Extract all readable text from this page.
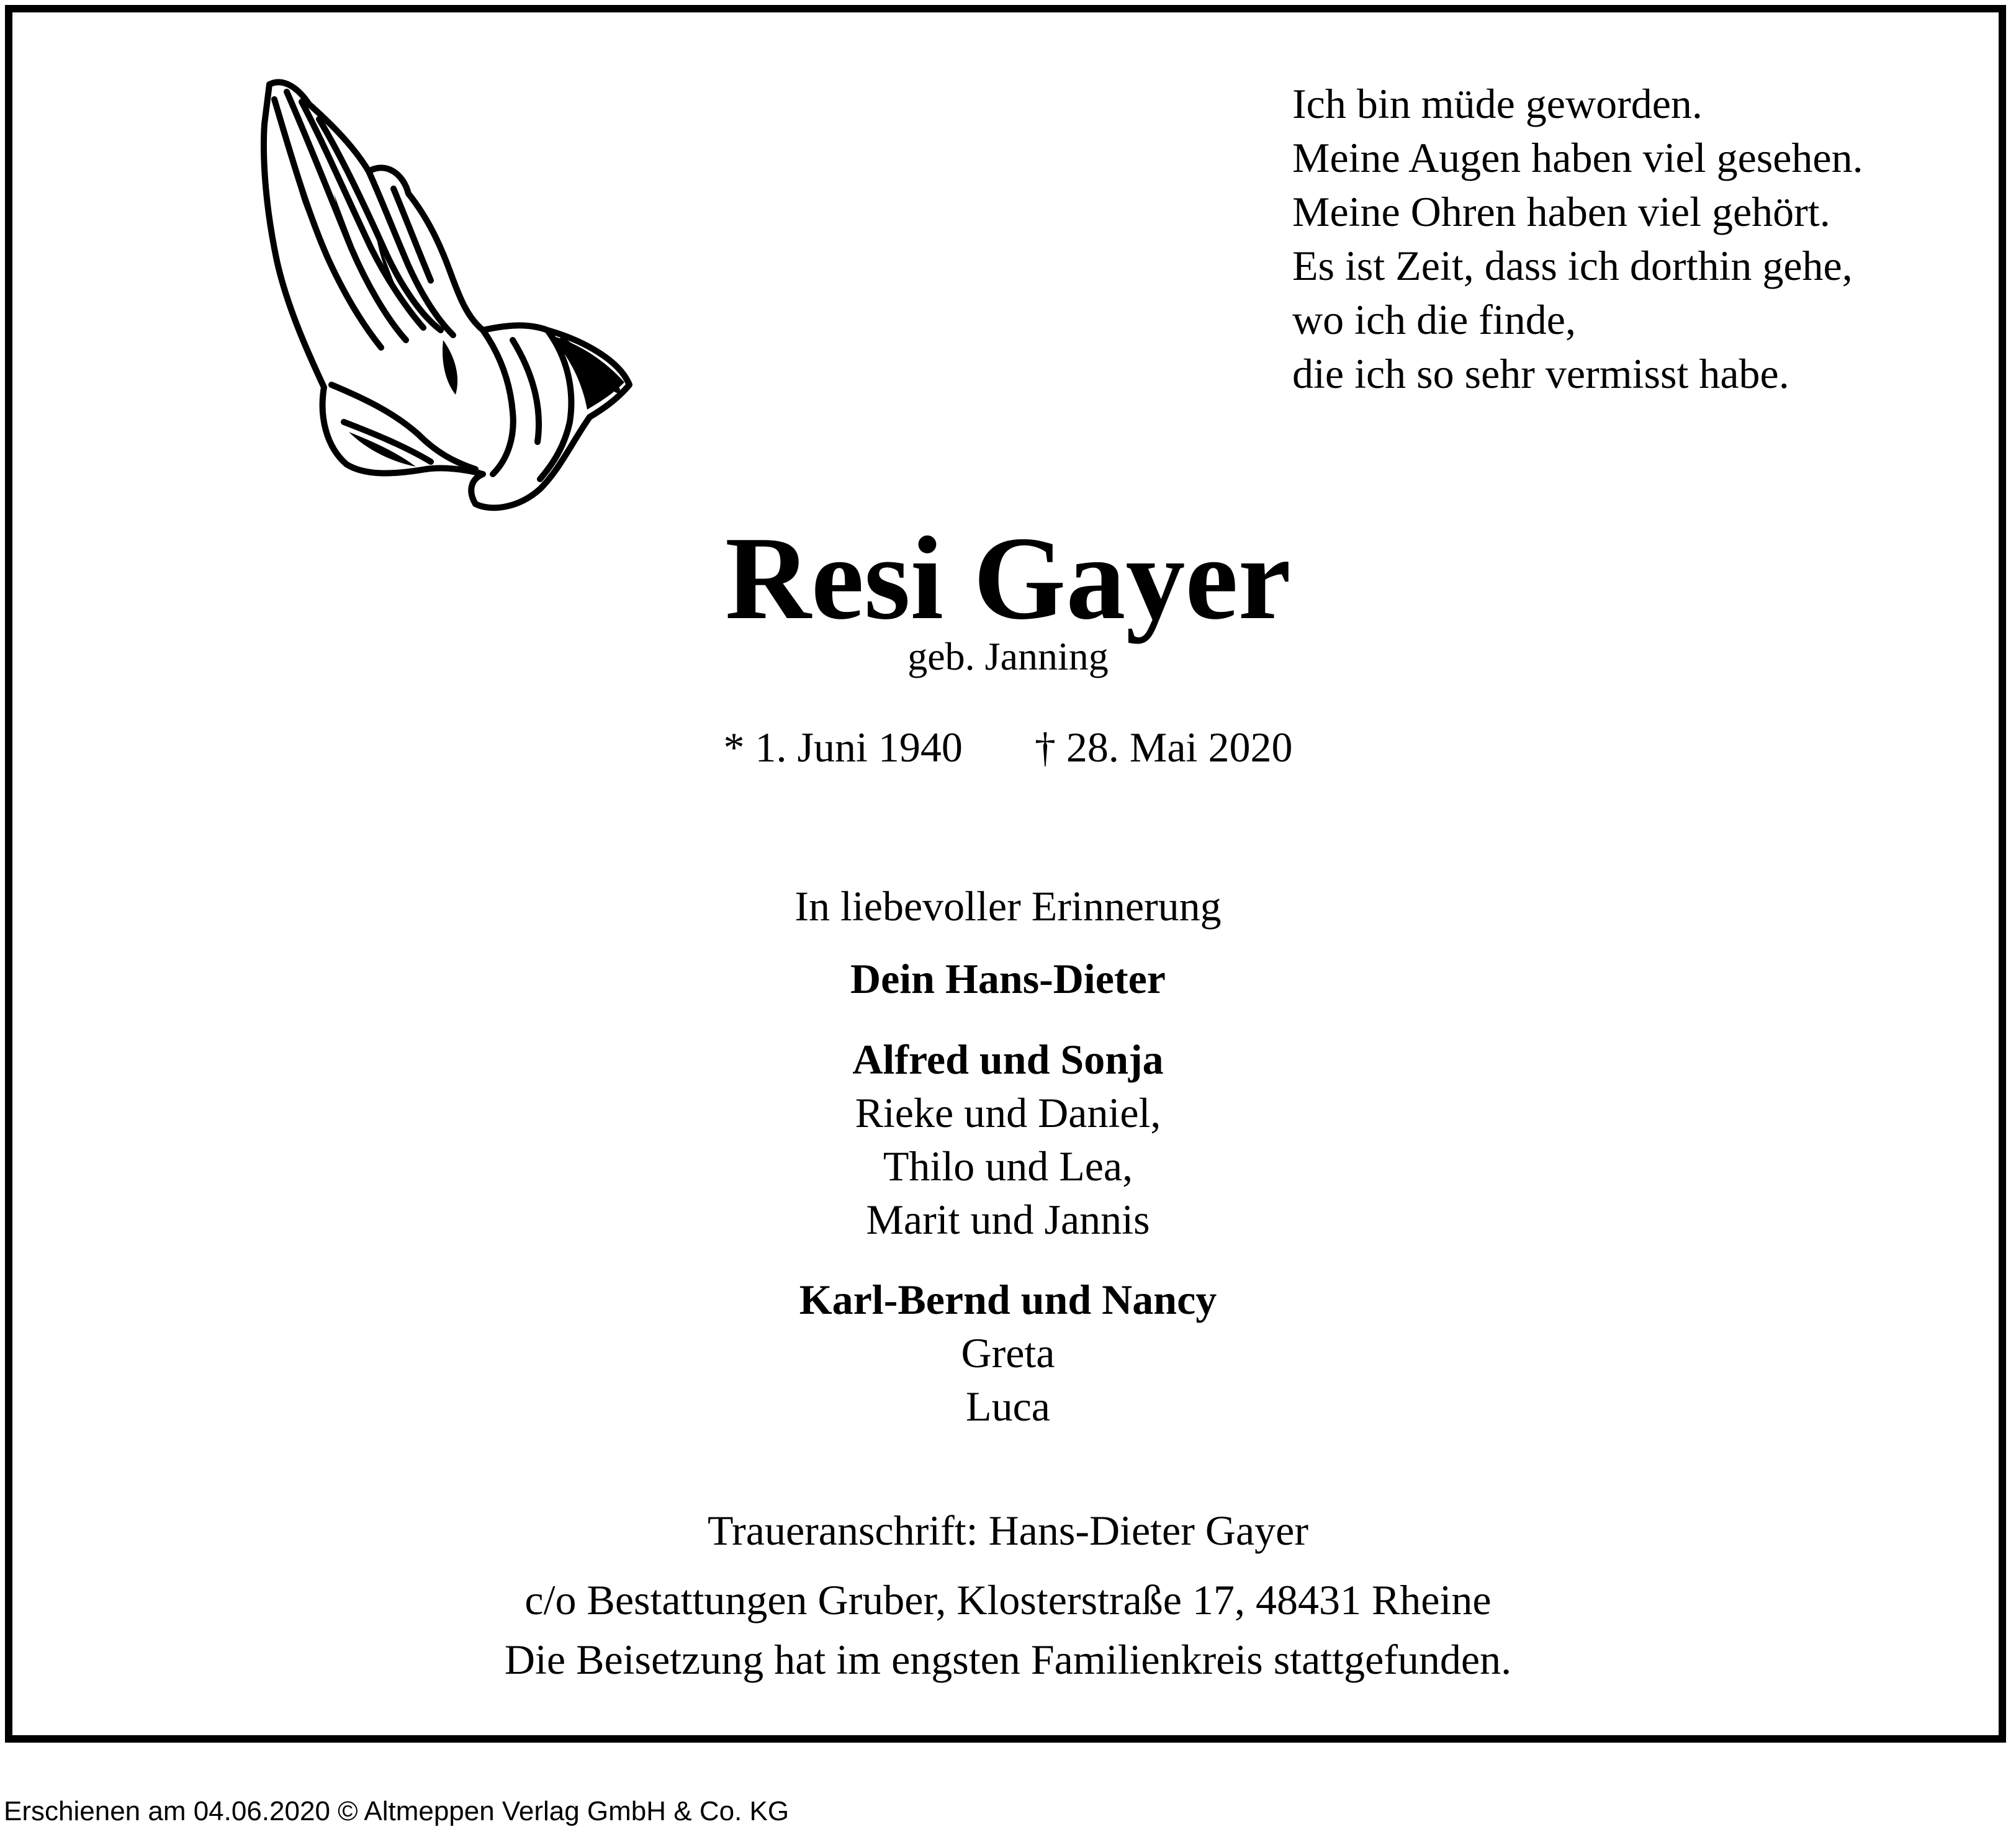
Ich bin müde geworden.
Meine Augen haben viel gesehen.
Meine Ohren haben viel gehört.
Es ist Zeit, dass ich dorthin gehe,
wo ich die finde,
die ich so sehr vermisst habe.
Resi Gayer
geb. Janning
* 1. Juni 1940 † 28. Mai 2020
In liebevoller Erinnerung
Dein Hans-Dieter
Alfred und Sonja
Rieke und Daniel,
Thilo und Lea,
Marit und Jannis
Karl-Bernd und Nancy
Greta
Luca
Traueranschrift: Hans-Dieter Gayer
c/o Bestattungen Gruber, Klosterstraße 17, 48431 Rheine
Die Beisetzung hat im engsten Familienkreis stattgefunden.
Erschienen am 04.06.2020 © Altmeppen Verlag GmbH & Co. KG
